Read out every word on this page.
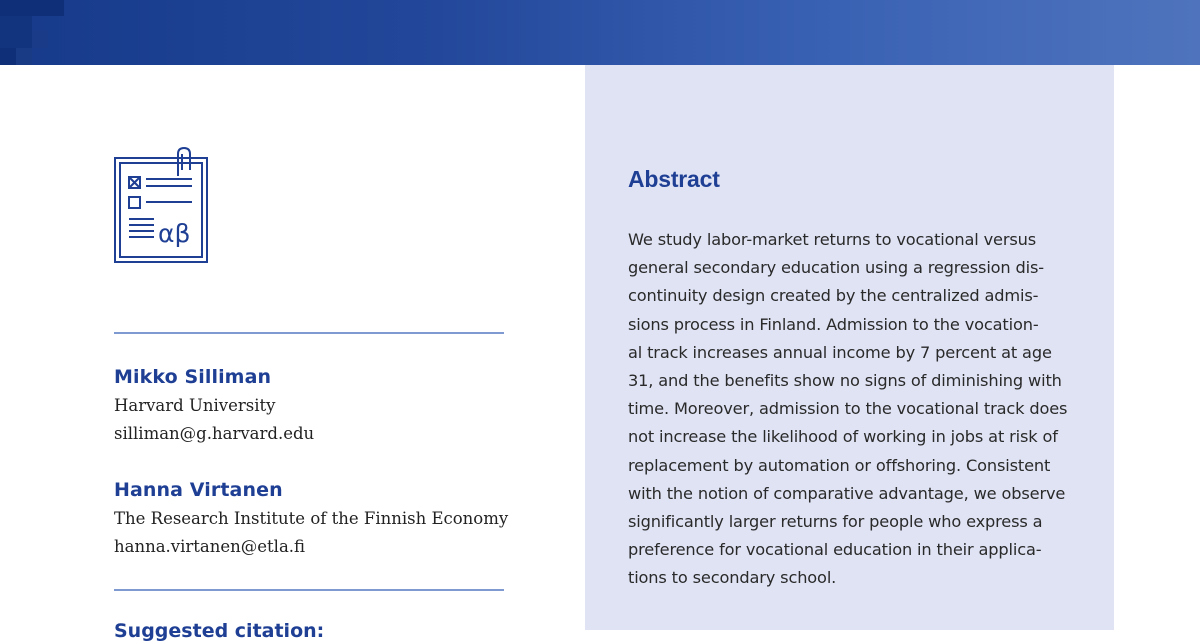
αβ

Mikko Silliman

Harvard University

silliman@g.harvard.edu

Hanna Virtanen

The Research Institute of the Finnish Economy

hanna.virtanen@etla.fi

Suggested citation:

Abstract
We study labor-market returns to vocational versus
general secondary education using a regression dis-
continuity design created by the centralized admis-
sions process in Finland. Admission to the vocation-
al track increases annual income by 7 percent at age
31, and the benefits show no signs of diminishing with
time. Moreover, admission to the vocational track does
not increase the likelihood of working in jobs at risk of
replacement by automation or offshoring. Consistent
with the notion of comparative advantage, we observe
significantly larger returns for people who express a
preference for vocational education in their applica-
tions to secondary school.
